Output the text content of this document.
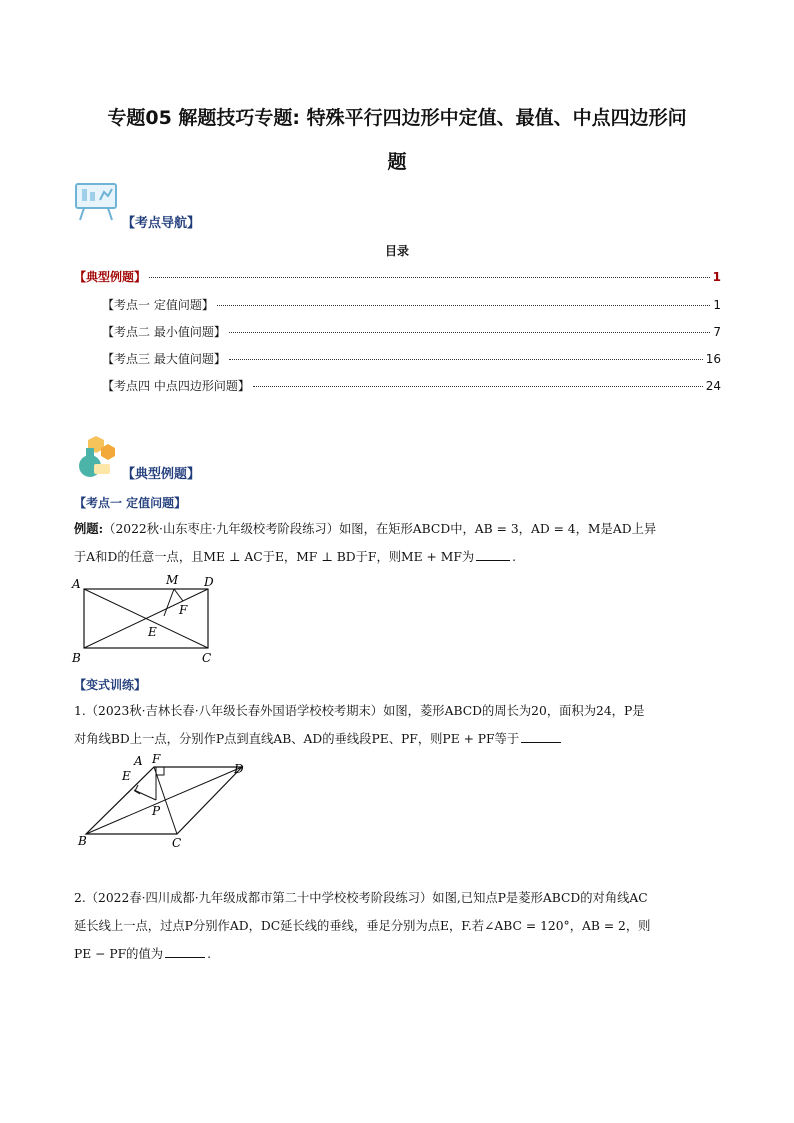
专题05 解题技巧专题: 特殊平行四边形中定值、最值、中点四边形问
题
【考点导航】
目录
【典型例题】	1
【考点一 定值问题】	1
【考点二 最小值问题】	7
【考点三 最大值问题】	16
【考点四 中点四边形问题】	24
【典型例题】
【考点一 定值问题】
例题:（2022秋·山东枣庄·九年级校考阶段练习）如图，在矩形ABCD中，AB = 3，AD = 4，M是AD上异
于A和D的任意一点，且ME ⊥ AC于E，MF ⊥ BD于F，则ME + MF为	.
A
B	C
D
M
E
F
【变式训练】
1.（2023秋·吉林长春·八年级长春外国语学校校考期末）如图，菱形ABCD的周长为20，面积为24，P是
对角线BD上一点，分别作P点到直线AB、AD的垂线段PE、PF，则PE + PF等于
A
B	C
D
E
F
P
2.（2022春·四川成都·九年级成都市第二十中学校校考阶段练习）如图,已知点P是菱形ABCD的对角线AC
延长线上一点，过点P分别作AD，DC延长线的垂线，垂足分别为点E，F.若∠ABC = 120°，AB = 2，则
PE − PF的值为	.
